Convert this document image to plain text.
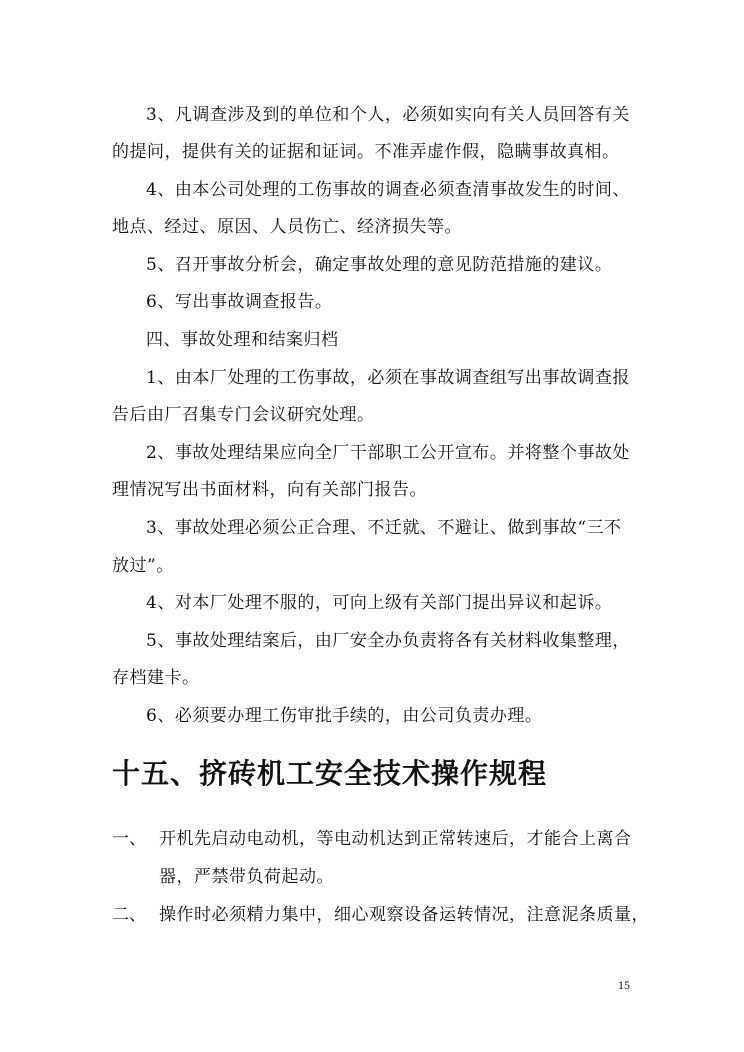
3、凡调查涉及到的单位和个人，必须如实向有关人员回答有关
的提问，提供有关的证据和证词。不准弄虚作假，隐瞒事故真相。
4、由本公司处理的工伤事故的调查必须查清事故发生的时间、
地点、经过、原因、人员伤亡、经济损失等。
5、召开事故分析会，确定事故处理的意见防范措施的建议。
6、写出事故调查报告。
四、事故处理和结案归档
1、由本厂处理的工伤事故，必须在事故调查组写出事故调查报
告后由厂召集专门会议研究处理。
2、事故处理结果应向全厂干部职工公开宣布。并将整个事故处
理情况写出书面材料，向有关部门报告。
3、事故处理必须公正合理、不迁就、不避让、做到事故“三不
放过”。
4、对本厂处理不服的，可向上级有关部门提出异议和起诉。
5、事故处理结案后，由厂安全办负责将各有关材料收集整理，
存档建卡。
6、必须要办理工伤审批手续的，由公司负责办理。
十五、挤砖机工安全技术操作规程
一、 开机先启动电动机，等电动机达到正常转速后，才能合上离合
器，严禁带负荷起动。
二、 操作时必须精力集中，细心观察设备运转情况，注意泥条质量，
15
